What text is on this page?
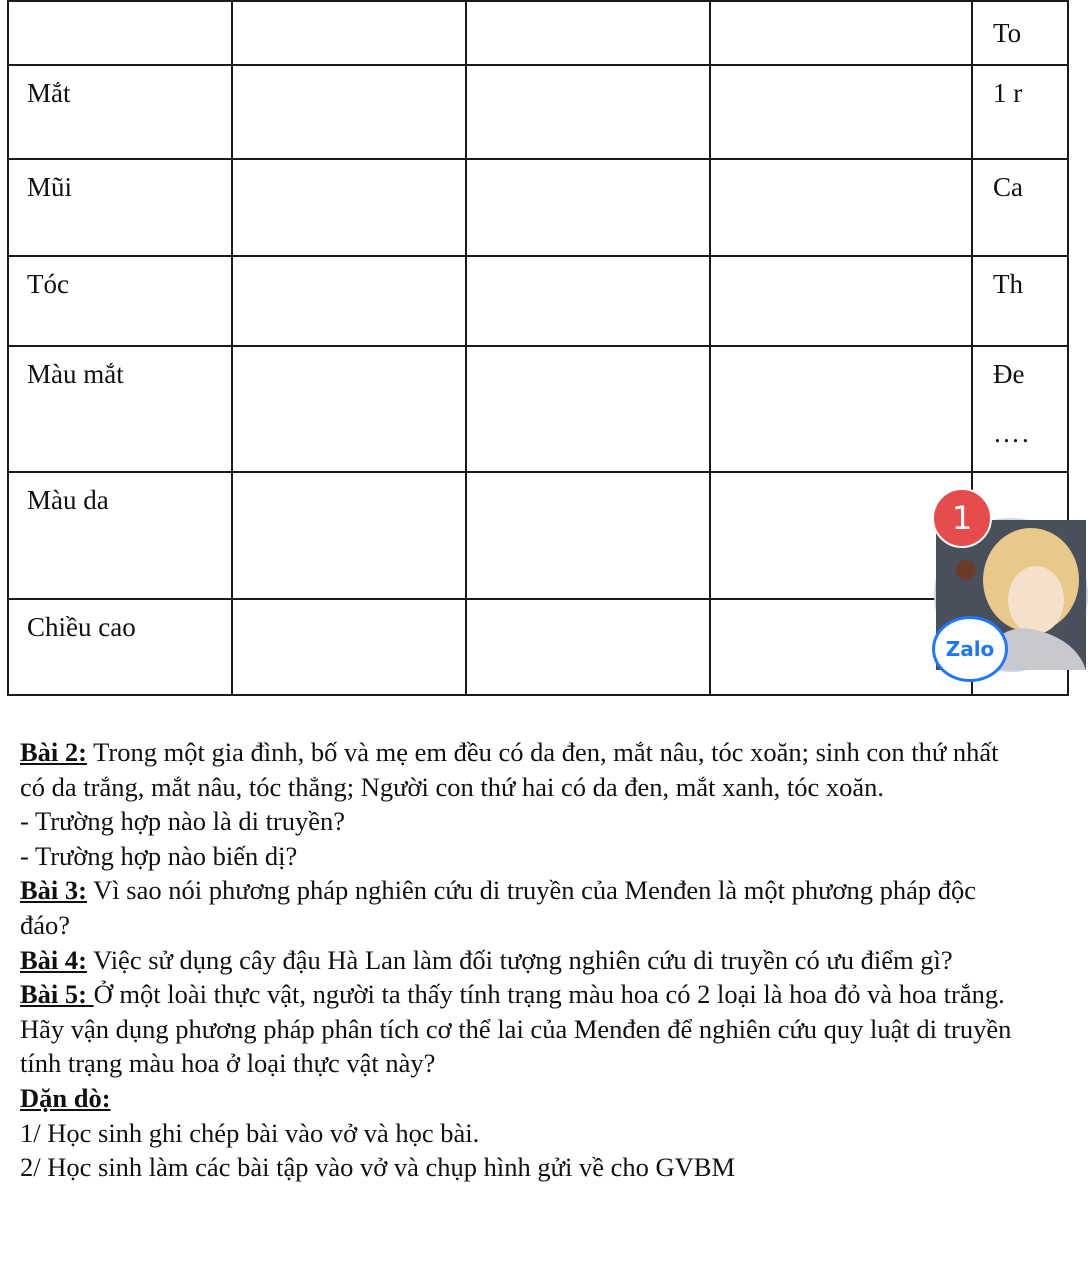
				To

Mắt				1 r

Mũi				Ca

Tóc				Th

Màu mắt				Đe
….

Màu da				

Chiều cao				

1
Zalo

Bài 2: Trong một gia đình, bố và mẹ em đều có da đen, mắt nâu, tóc xoăn; sinh con thứ nhất có da trắng, mắt nâu, tóc thẳng; Người con thứ hai có da đen, mắt xanh, tóc xoăn.

- Trường hợp nào là di truyền?

- Trường hợp nào biến dị?

Bài 3: Vì sao nói phương pháp nghiên cứu di truyền của Menđen là một phương pháp độc đáo?

Bài 4: Việc sử dụng cây đậu Hà Lan làm đối tượng nghiên cứu di truyền có ưu điểm gì?

Bài 5: Ở một loài thực vật, người ta thấy tính trạng màu hoa có 2 loại là hoa đỏ và hoa trắng. Hãy vận dụng phương pháp phân tích cơ thể lai của Menđen để nghiên cứu quy luật di truyền tính trạng màu hoa ở loại thực vật này?

Dặn dò:

1/ Học sinh ghi chép bài vào vở và học bài.

2/ Học sinh làm các bài tập vào vở và chụp hình gửi về cho GVBM
